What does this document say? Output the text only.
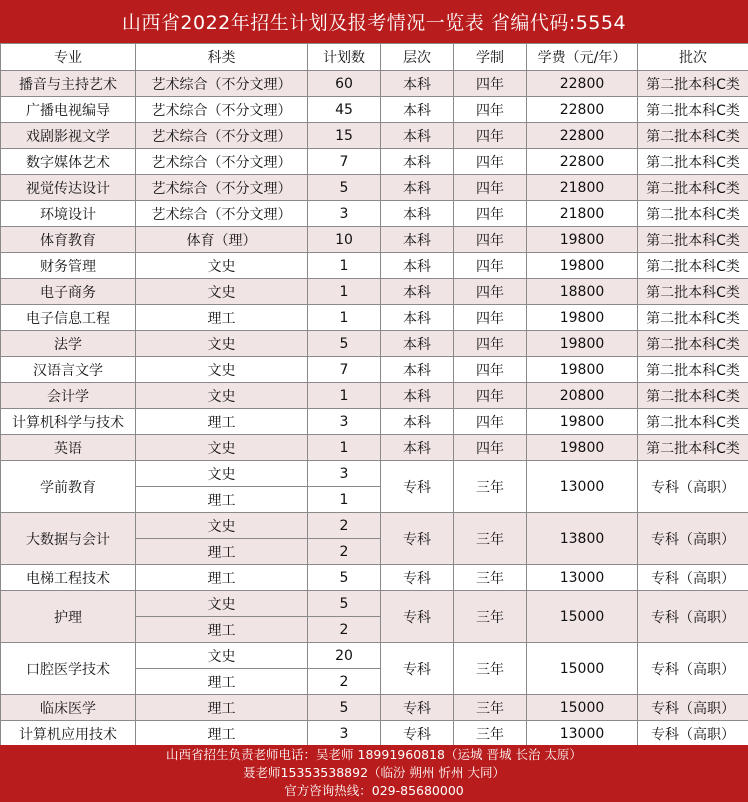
山西省2022年招生计划及报考情况一览表 省编代码:5554
专业	科类	计划数	层次	学制	学费（元/年）	批次
播音与主持艺术	艺术综合（不分文理）	60	本科	四年	22800	第二批本科C类
广播电视编导	艺术综合（不分文理）	45	本科	四年	22800	第二批本科C类
戏剧影视文学	艺术综合（不分文理）	15	本科	四年	22800	第二批本科C类
数字媒体艺术	艺术综合（不分文理）	7	本科	四年	22800	第二批本科C类
视觉传达设计	艺术综合（不分文理）	5	本科	四年	21800	第二批本科C类
环境设计	艺术综合（不分文理）	3	本科	四年	21800	第二批本科C类
体育教育	体育（理）	10	本科	四年	19800	第二批本科C类
财务管理	文史	1	本科	四年	19800	第二批本科C类
电子商务	文史	1	本科	四年	18800	第二批本科C类
电子信息工程	理工	1	本科	四年	19800	第二批本科C类
法学	文史	5	本科	四年	19800	第二批本科C类
汉语言文学	文史	7	本科	四年	19800	第二批本科C类
会计学	文史	1	本科	四年	20800	第二批本科C类
计算机科学与技术	理工	3	本科	四年	19800	第二批本科C类
英语	文史	1	本科	四年	19800	第二批本科C类
学前教育	文史	3	专科	三年	13000	专科（高职）
	理工	1				
大数据与会计	文史	2	专科	三年	13800	专科（高职）
	理工	2				
电梯工程技术	理工	5	专科	三年	13000	专科（高职）
护理	文史	5	专科	三年	15000	专科（高职）
	理工	2				
口腔医学技术	文史	20	专科	三年	15000	专科（高职）
	理工	2				
临床医学	理工	5	专科	三年	15000	专科（高职）
计算机应用技术	理工	3	专科	三年	13000	专科（高职）
山西省招生负责老师电话：吴老师 18991960818（运城 晋城 长治 太原）
聂老师15353538892（临汾 朔州 忻州 大同）
官方咨询热线：029-85680000
